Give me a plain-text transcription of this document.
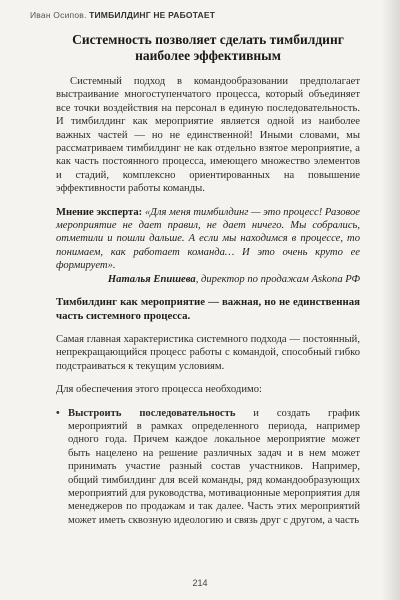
Иван Осипов. ТИМБИЛДИНГ НЕ РАБОТАЕТ
Системность позволяет сделать тимбилдинг наиболее эффективным

Системный подход в командообразовании предполагает выстраивание многоступенчатого процесса, который объединяет все точки воздействия на персонал в единую последовательность. И тимбилдинг как мероприятие является одной из наиболее важных частей — но не единственной! Иными словами, мы рассматриваем тимбилдинг не как отдельно взятое мероприятие, а как часть постоянного процесса, имеющего множество элементов и стадий, комплексно ориентированных на повышение эффективности работы команды.

Мнение эксперта: «Для меня тимбилдинг — это процесс! Разовое мероприятие не дает правил, не дает ничего. Мы собрались, отметили и пошли дальше. А если мы находимся в процессе, то понимаем, как работает команда… И это очень круто ее формирует».
Наталья Епишева, директор по продажам Askona РФ

Тимбилдинг как мероприятие — важная, но не единственная часть системного процесса.

Самая главная характеристика системного подхода — постоянный, непрекращающийся процесс работы с командой, способный гибко подстраиваться к текущим условиям.

Для обеспечения этого процесса необходимо:

• Выстроить последовательность и создать график мероприятий в рамках определенного периода, например одного года. Причем каждое локальное мероприятие может быть нацелено на решение различных задач и в нем может принимать участие разный состав участников. Например, общий тимбилдинг для всей команды, ряд командообразующих мероприятий для руководства, мотивационные мероприятия для менеджеров по продажам и так далее. Часть этих мероприятий может иметь сквозную идеологию и связь друг с другом, а часть
214
